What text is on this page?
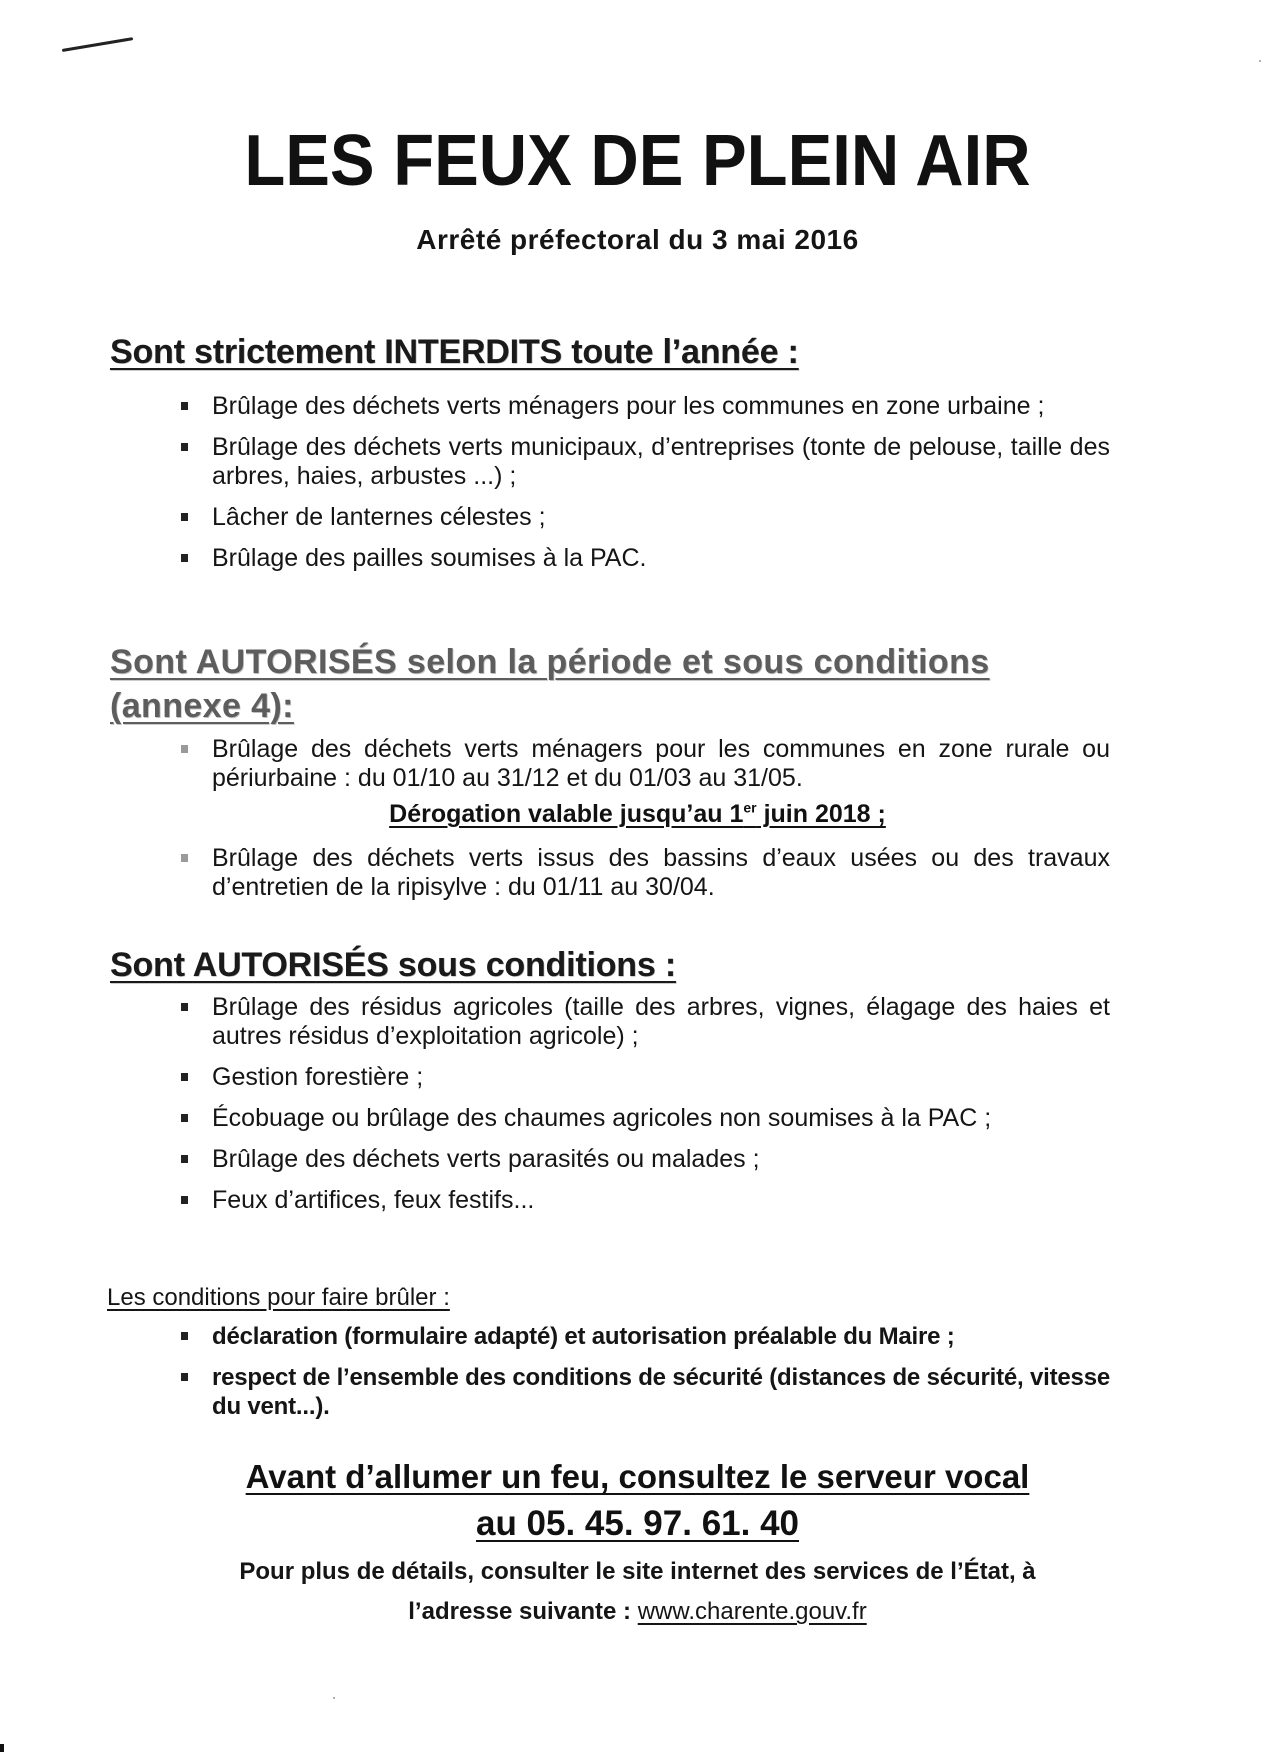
LES FEUX DE PLEIN AIR
Arrêté préfectoral du 3 mai 2016
Sont strictement INTERDITS toute l’année :
Brûlage des déchets verts ménagers pour les communes en zone urbaine ;
Brûlage des déchets verts municipaux, d’entreprises (tonte de pelouse, taille des arbres, haies, arbustes ...) ;
Lâcher de lanternes célestes ;
Brûlage des pailles soumises à la PAC.
Sont AUTORISÉS selon la période et sous conditions (annexe 4):
Brûlage des déchets verts ménagers pour les communes en zone rurale ou périurbaine : du 01/10 au 31/12 et du 01/03 au 31/05.
Dérogation valable jusqu’au 1er juin 2018 ;
Brûlage des déchets verts issus des bassins d’eaux usées ou des travaux d’entretien de la ripisylve : du 01/11 au 30/04.
Sont AUTORISÉS sous conditions :
Brûlage des résidus agricoles (taille des arbres, vignes, élagage des haies et autres résidus d’exploitation agricole) ;
Gestion forestière ;
Écobuage ou brûlage des chaumes agricoles non soumises à la PAC ;
Brûlage des déchets verts parasités ou malades ;
Feux d’artifices, feux festifs...
Les conditions pour faire brûler :
déclaration (formulaire adapté) et autorisation préalable du Maire ;
respect de l’ensemble des conditions de sécurité (distances de sécurité, vitesse du vent...).
Avant d’allumer un feu, consultez le serveur vocal
au 05. 45. 97. 61. 40
Pour plus de détails, consulter le site internet des services de l’État, à
l’adresse suivante : www.charente.gouv.fr
